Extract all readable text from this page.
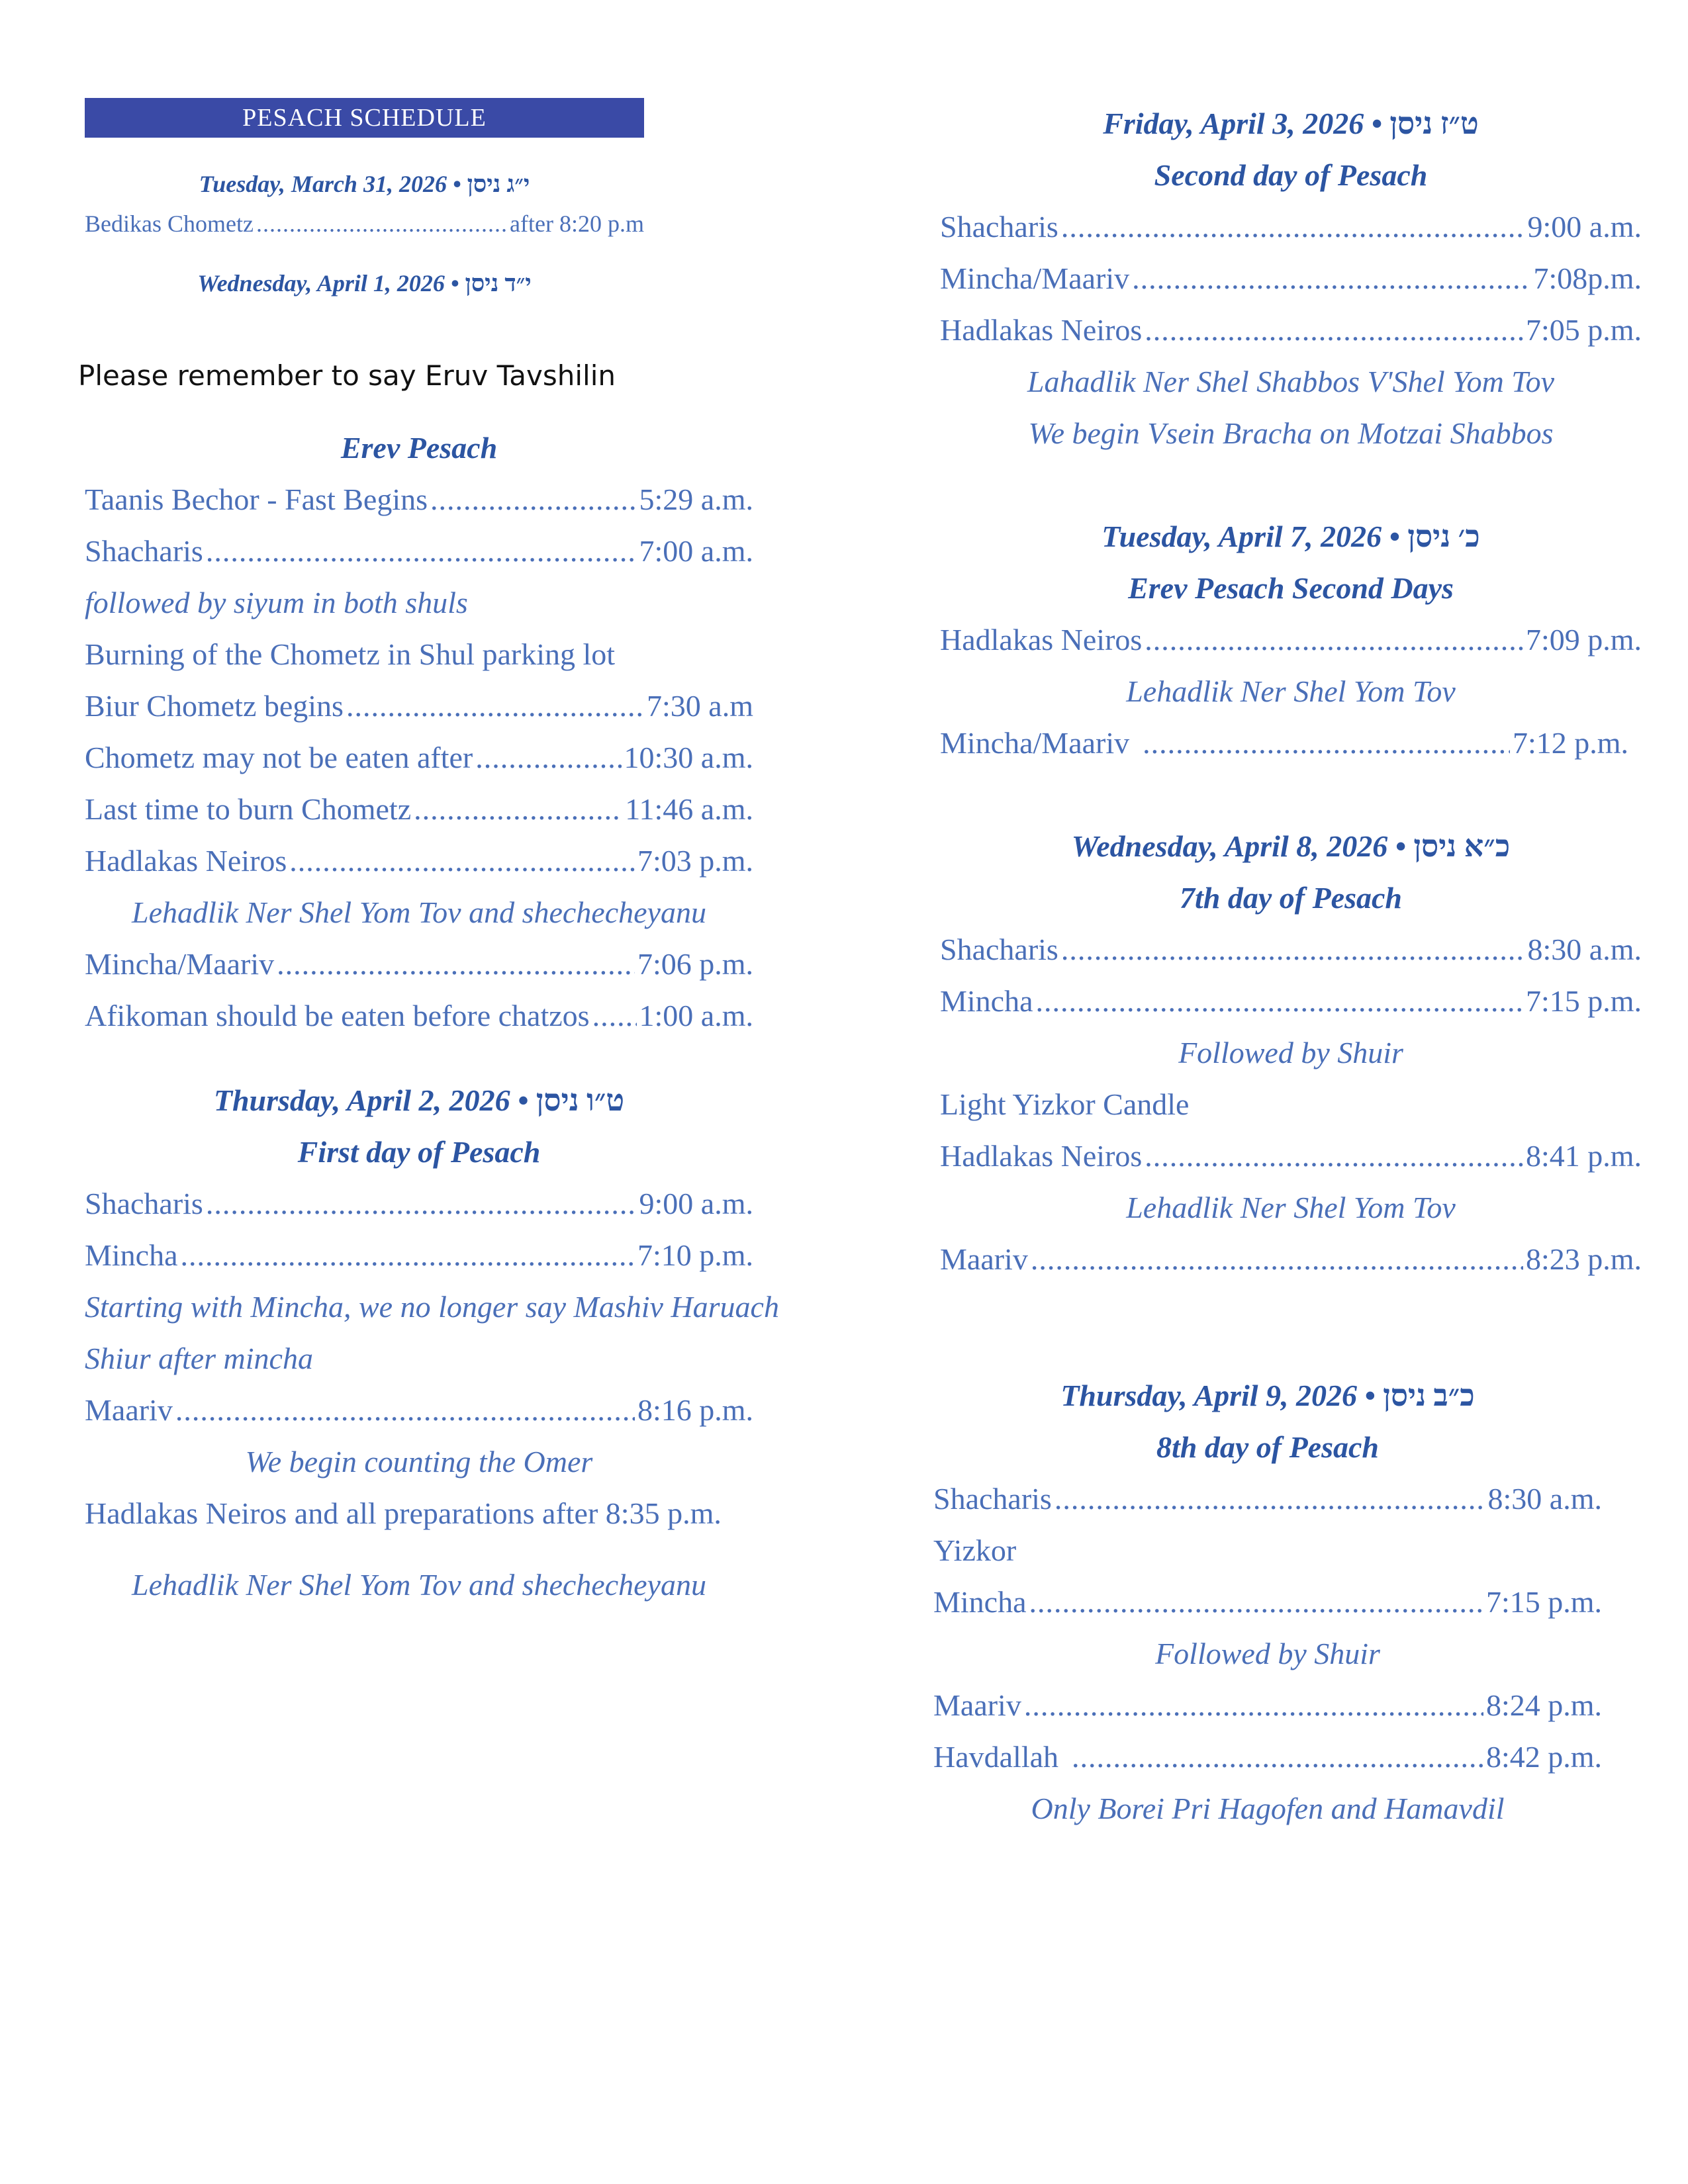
PESACH SCHEDULE
Tuesday, March 31, 2026 • י״ג ניסן
Bedikas Chometz .....	after 8:20 p.m
Wednesday, April 1, 2026 • י״ד ניסן
Please remember to say Eruv Tavshilin
Erev Pesach
Taanis Bechor - Fast Begins .....	5:29 a.m.
Shacharis .....	7:00 a.m.
followed by siyum in both shuls
Burning of the Chometz in Shul parking lot
Biur Chometz begins .....	7:30 a.m
Chometz may not be eaten after .....	10:30 a.m.
Last time to burn Chometz .....	11:46 a.m.
Hadlakas Neiros .....	7:03 p.m.
Lehadlik Ner Shel Yom Tov and shechecheyanu
Mincha/Maariv .....	7:06 p.m.
Afikoman should be eaten before chatzos ..... 1:00 a.m.
Thursday, April 2, 2026 • ט״ו ניסן
First day of Pesach
Shacharis .....	9:00 a.m.
Mincha .....	7:10 p.m.
Starting with Mincha, we no longer say Mashiv Haruach
Shiur after mincha
Maariv .....	8:16 p.m.
We begin counting the Omer
Hadlakas Neiros and all preparations after 8:35 p.m.
Lehadlik Ner Shel Yom Tov and shechecheyanu
Friday, April 3, 2026 • ט״ז ניסן
Second day of Pesach
Shacharis .....	9:00 a.m.
Mincha/Maariv .....	7:08p.m.
Hadlakas Neiros .....	7:05 p.m.
Lahadlik Ner Shel Shabbos V'Shel Yom Tov
We begin Vsein Bracha on Motzai Shabbos
Tuesday, April 7, 2026 • כ׳ ניסן
Erev Pesach Second Days
Hadlakas Neiros .....	7:09 p.m.
Lehadlik Ner Shel Yom Tov
Mincha/Maariv .....	7:12 p.m.
Wednesday, April 8, 2026 • כ״א ניסן
7th day of Pesach
Shacharis .....	8:30 a.m.
Mincha .....	7:15 p.m.
Followed by Shuir
Light Yizkor Candle
Hadlakas Neiros .....	8:41 p.m.
Lehadlik Ner Shel Yom Tov
Maariv .....	8:23 p.m.
Thursday, April 9, 2026 • כ״ב ניסן
8th day of Pesach
Shacharis .....	8:30 a.m.
Yizkor
Mincha .....	7:15 p.m.
Followed by Shuir
Maariv .....	8:24 p.m.
Havdallah .....	8:42 p.m.
Only Borei Pri Hagofen and Hamavdil
